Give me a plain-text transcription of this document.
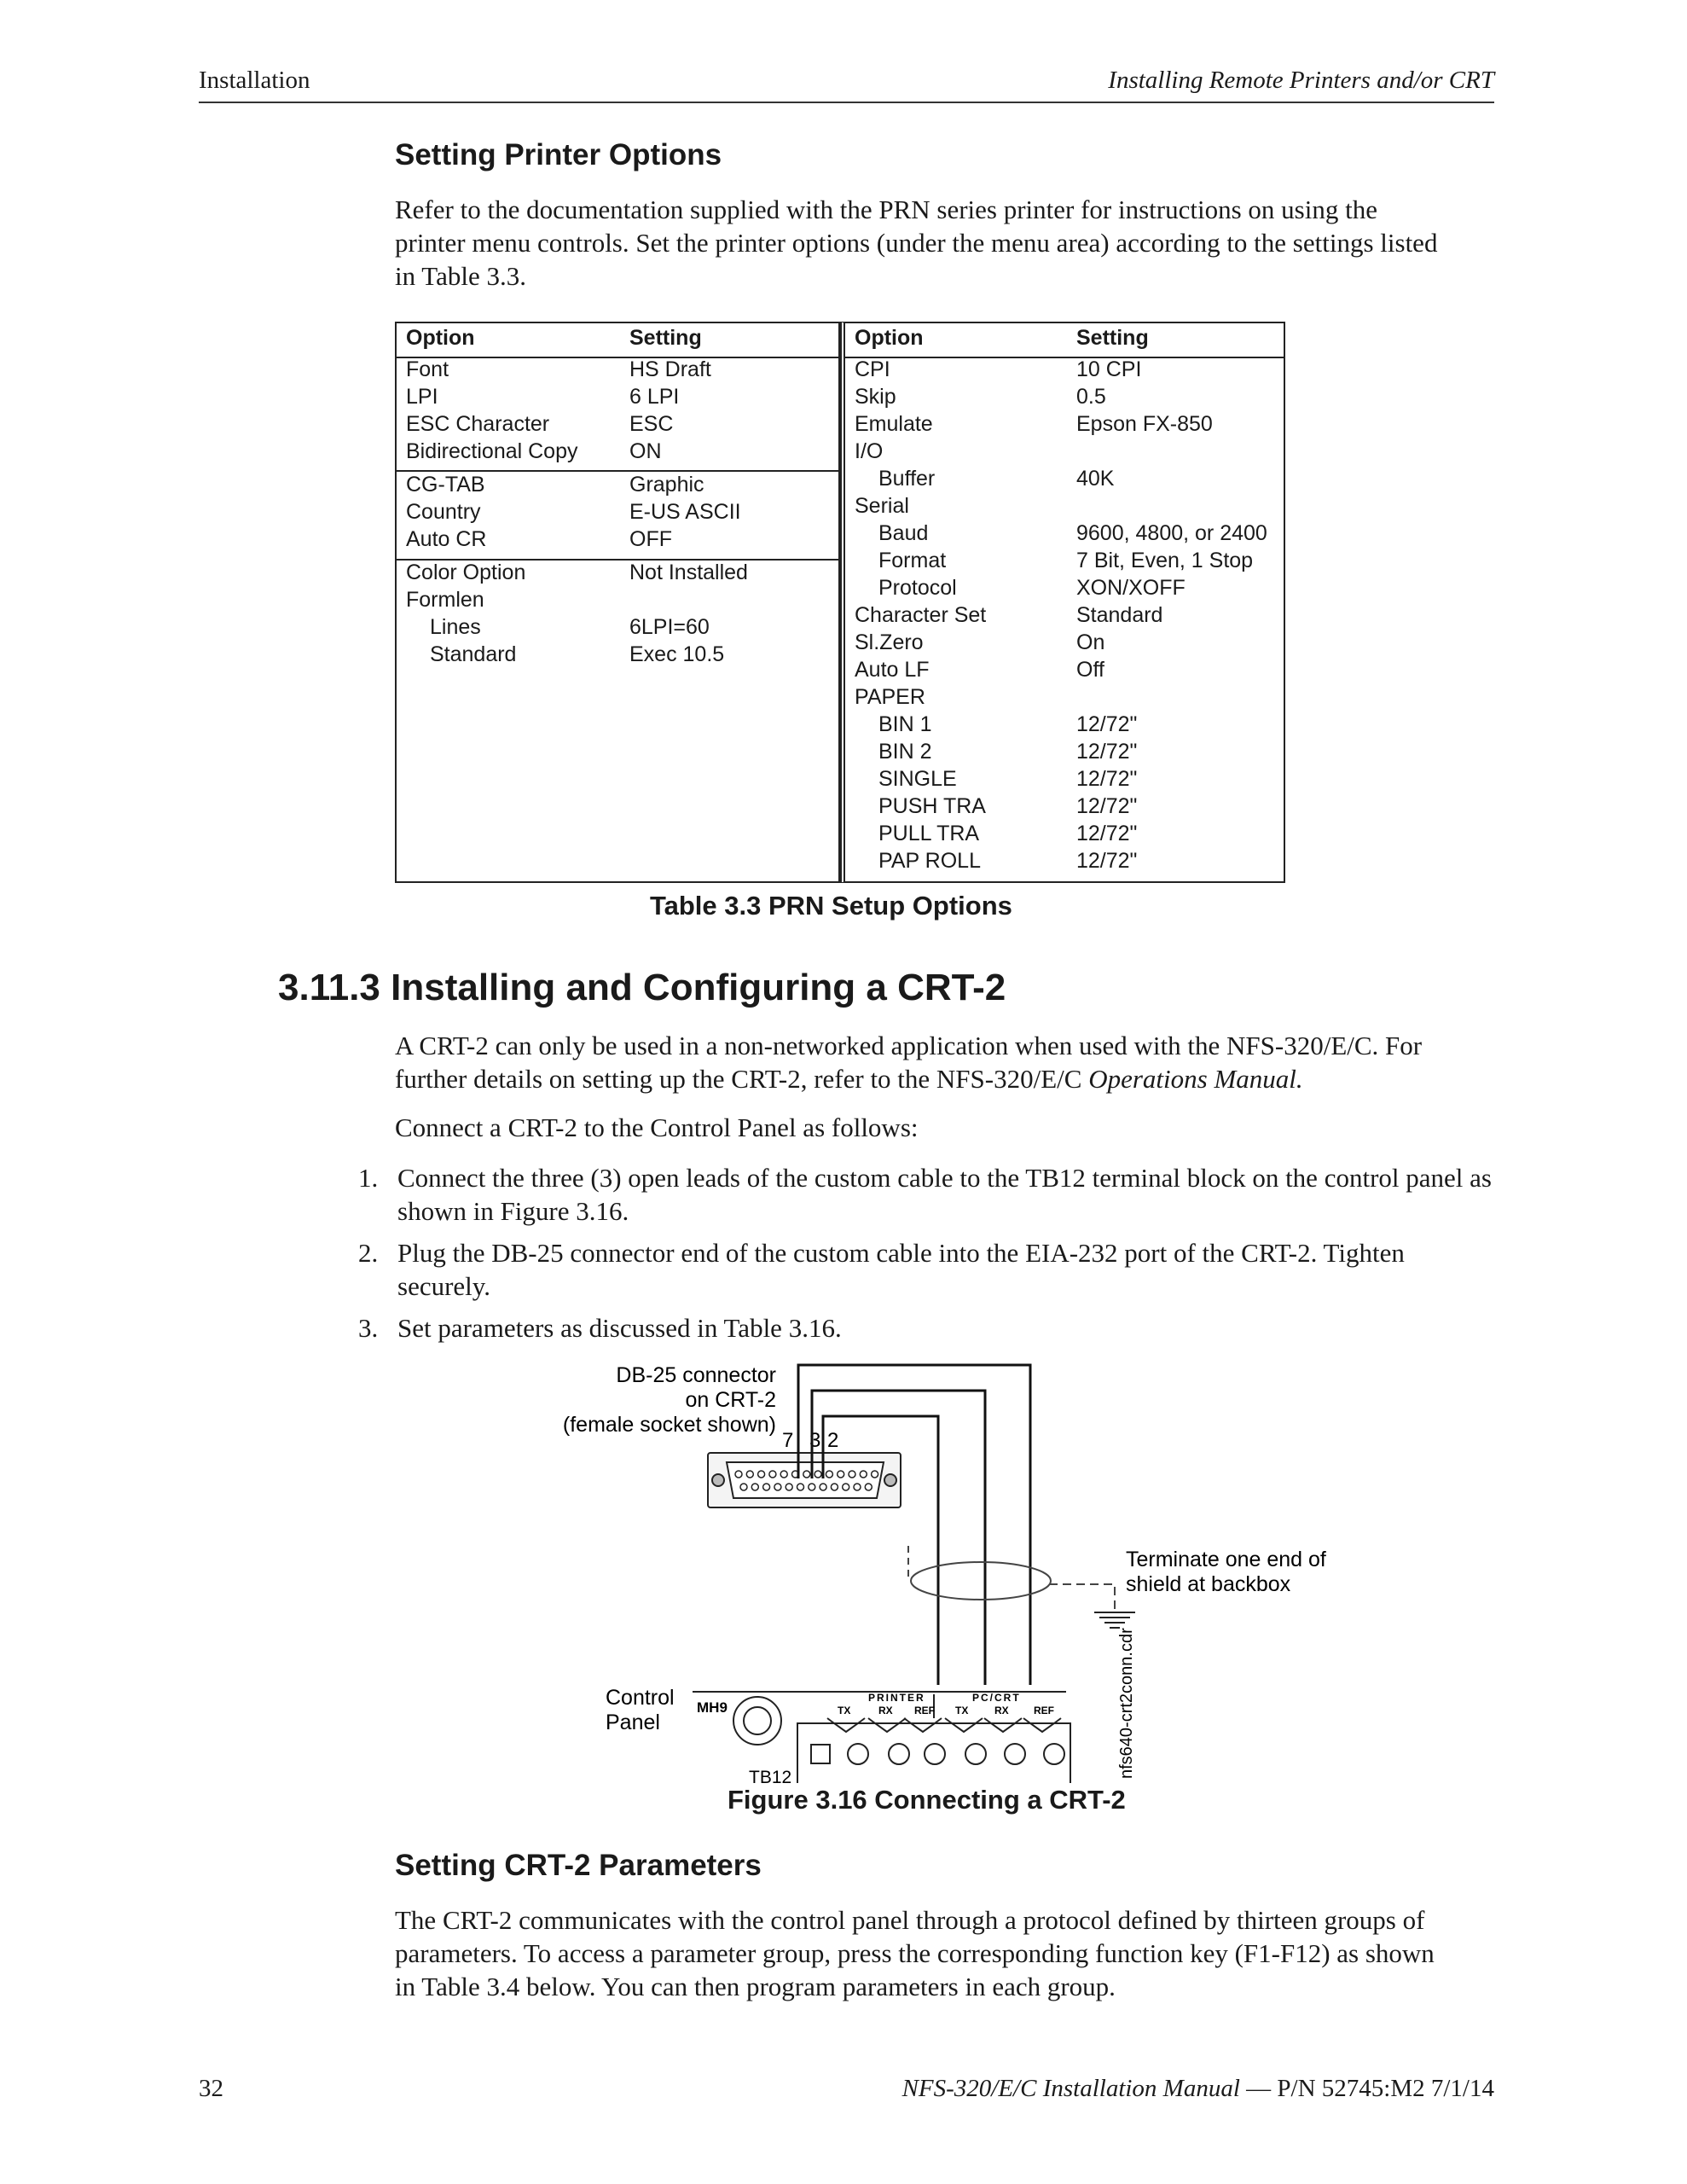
Installation	Installing Remote Printers and/or CRT
Setting Printer Options

Refer to the documentation supplied with the PRN series printer for instructions on using the
printer menu controls. Set the printer options (under the menu area) according to the settings listed
in Table 3.3.

Option	Setting
Font	HS Draft
LPI	6 LPI
ESC Character	ESC
Bidirectional Copy ON
CG-TAB	Graphic
Country	E-US ASCII
Auto CR	OFF
Color Option	Not Installed
Formlen
Lines	6LPI=60
Standard	Exec 10.5
Option	Setting
CPI	10 CPI
Skip	0.5
Emulate	Epson FX-850
I/O
Buffer	40K
Serial
Baud	9600, 4800, or 2400
Format	7 Bit, Even, 1 Stop
Protocol	XON/XOFF
Character Set	Standard
Sl.Zero	On
Auto LF	Off
PAPER
BIN 1	12/72"
BIN 2	12/72"
SINGLE	12/72"
PUSH TRA	12/72"
PULL TRA	12/72"
PAP ROLL	12/72"
Table 3.3 PRN Setup Options
3.11.3 Installing and Configuring a CRT-2

A CRT-2 can only be used in a non-networked application when used with the NFS-320/E/C. For
further details on setting up the CRT-2, refer to the NFS-320/E/C Operations Manual.

Connect a CRT-2 to the Control Panel as follows:

1. Connect the three (3) open leads of the custom cable to the TB12 terminal block on the control panel as shown in Figure 3.16.
2. Plug the DB-25 connector end of the custom cable into the EIA-232 port of the CRT-2. Tighten securely.
3. Set parameters as discussed in Table 3.16.
DB-25 connector
on CRT-2
(female socket shown)
7 3 2
Terminate one end of
shield at backbox
Control
Panel
MH9
PRINTER	PC/CRT
TX	RX REF TX	RX REF
TB12	nfs640-crt2conn.cdr
Figure 3.16 Connecting a CRT-2
Setting CRT-2 Parameters

The CRT-2 communicates with the control panel through a protocol defined by thirteen groups of
parameters. To access a parameter group, press the corresponding function key (F1-F12) as shown
in Table 3.4 below. You can then program parameters in each group.

32	NFS-320/E/C Installation Manual — P/N 52745:M2 7/1/14
